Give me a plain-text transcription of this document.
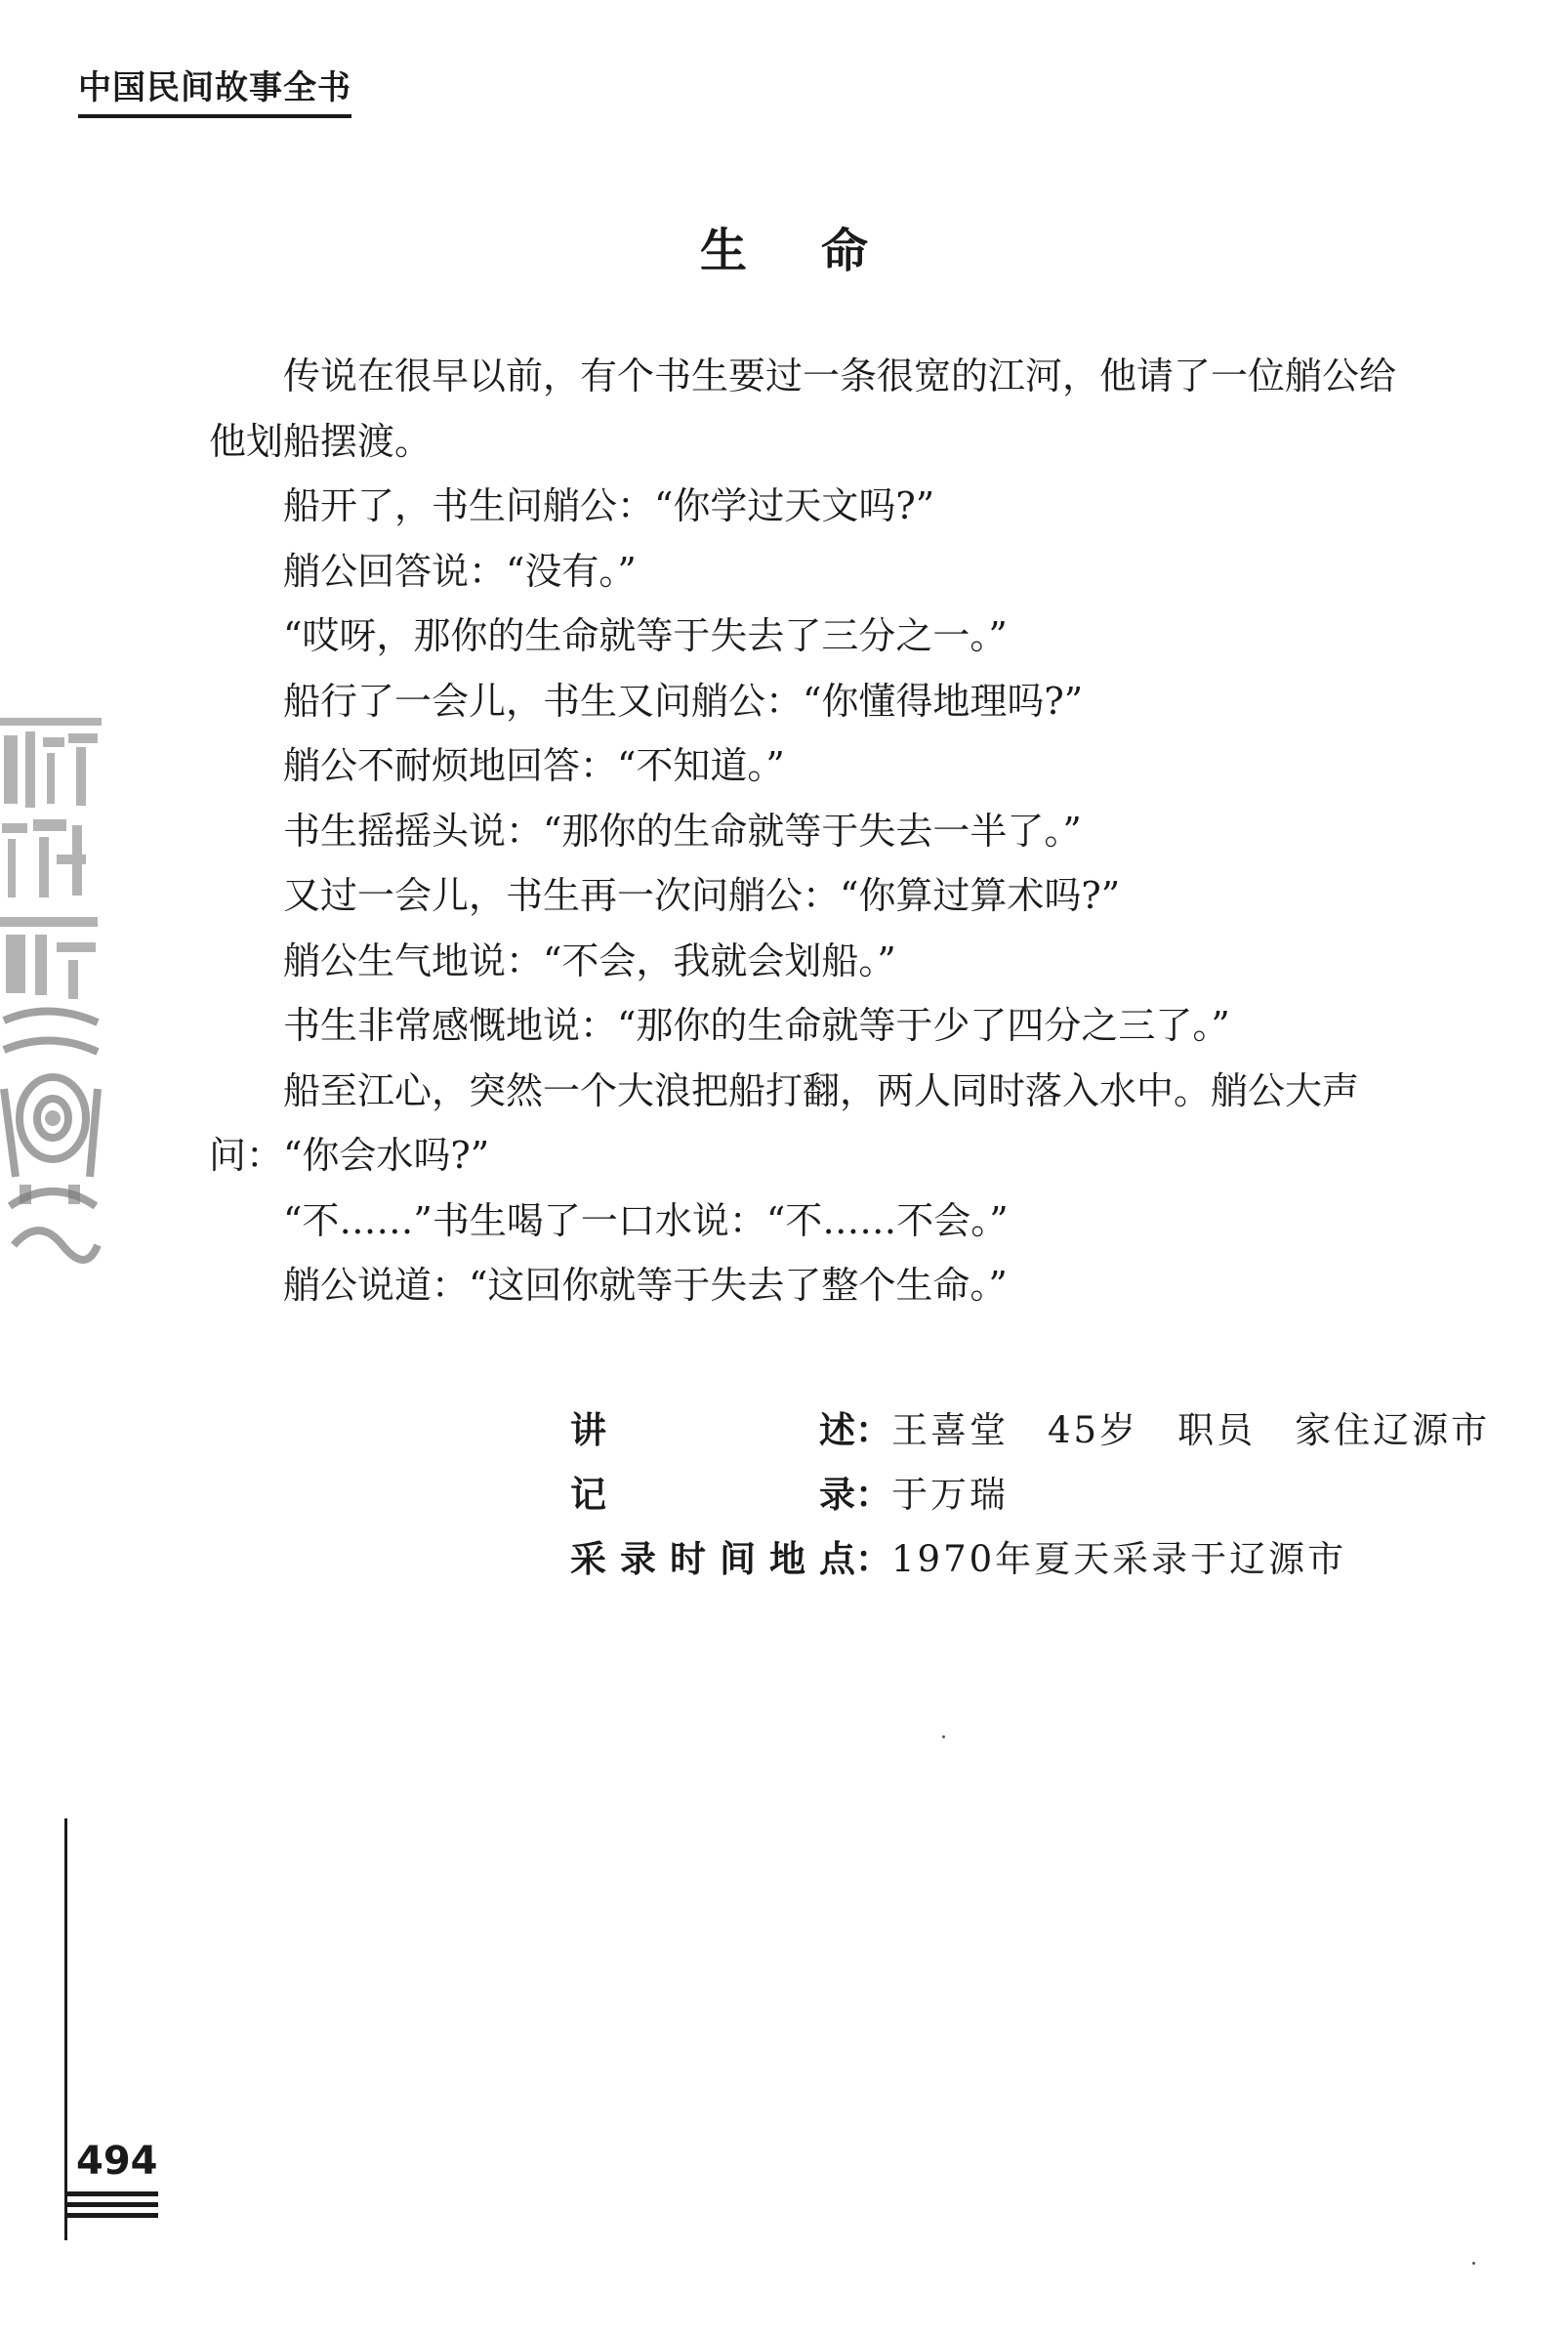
中国民间故事全书
生命

传说在很早以前，有个书生要过一条很宽的江河，他请了一位艄公给他划船摆渡。

船开了，书生问艄公：“你学过天文吗?”

艄公回答说：“没有。”

“哎呀，那你的生命就等于失去了三分之一。”

船行了一会儿，书生又问艄公：“你懂得地理吗?”

艄公不耐烦地回答：“不知道。”

书生摇摇头说：“那你的生命就等于失去一半了。”

又过一会儿，书生再一次问艄公：“你算过算术吗?”

艄公生气地说：“不会，我就会划船。”

书生非常感慨地说：“那你的生命就等于少了四分之三了。”

船至江心，突然一个大浪把船打翻，两人同时落入水中。艄公大声问：“你会水吗?”

“不……”书生喝了一口水说：“不……不会。”

艄公说道：“这回你就等于失去了整个生命。”

讲述：王喜堂　45岁　职员　家住辽源市
记录：于万瑞
采录时间地点：1970年夏天采录于辽源市
494
